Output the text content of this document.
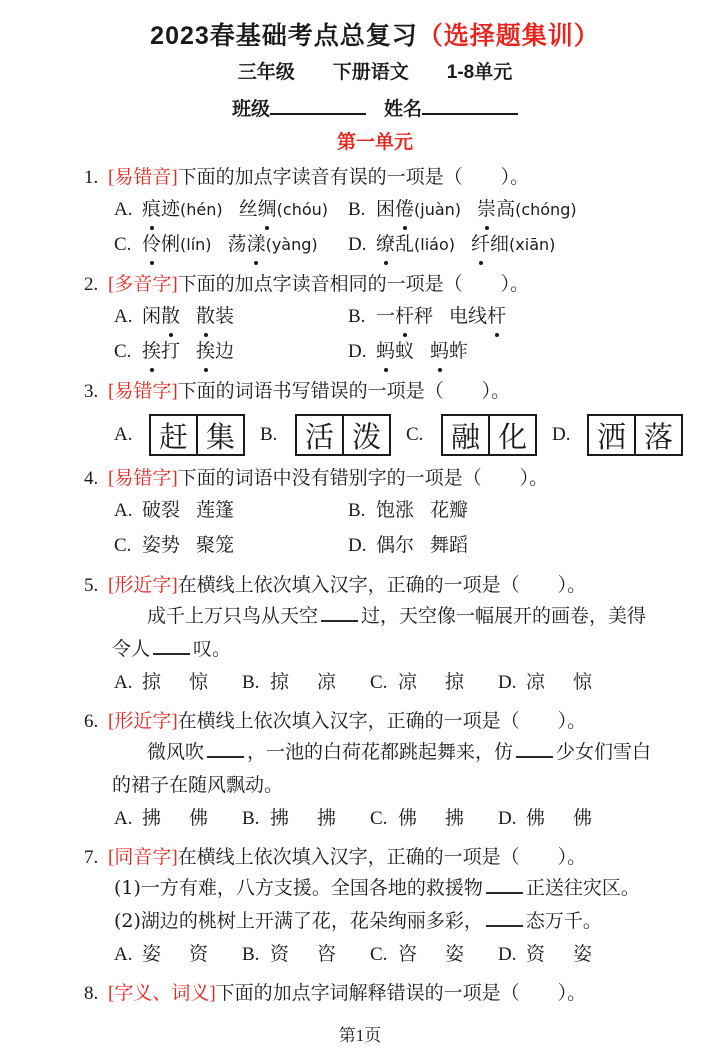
2023春基础考点总复习（选择题集训）
三年级 下册语文 1-8单元
班级	姓名
第一单元
1. [易错音]下面的加点字读音有误的一项是（　　）。
A. 痕迹(hén) 丝绸(chóu)	B. 困倦(juàn) 崇高(chóng)
C. 伶俐(lín) 荡漾(yàng)	D. 缭乱(liáo) 纤细(xiān)
2. [多音字]下面的加点字读音相同的一项是（　　）。
A. 闲散 散装	B. 一杆秤 电线杆
C. 挨打 挨边	D. 蚂蚁 蚂蚱
3. [易错字]下面的词语书写错误的一项是（　　）。
A. 赶 集	B. 活 泼	C. 融 化	D. 洒 落
4. [易错字]下面的词语中没有错别字的一项是（　　）。
A. 破裂 莲篷	B. 饱涨 花瓣
C. 姿势 聚笼	D. 偶尔 舞蹈
5. [形近字]在横线上依次填入汉字，正确的一项是（　　）。
成千上万只鸟从天空 过，天空像一幅展开的画卷，美得
令人 叹。
A. 掠 惊	B. 掠 凉	C. 凉 掠	D. 凉 惊
6. [形近字]在横线上依次填入汉字，正确的一项是（　　）。
微风吹 ，一池的白荷花都跳起舞来，仿 少女们雪白
的裙子在随风飘动。
A. 拂 佛	B. 拂 拂	C. 佛 拂	D. 佛 佛
7. [同音字]在横线上依次填入汉字，正确的一项是（　　）。
(1)一方有难，八方支援。全国各地的救援物 正送往灾区。
(2)湖边的桃树上开满了花，花朵绚丽多彩， 态万千。
A. 姿 资	B. 资 咨	C. 咨 姿	D. 资 姿
8. [字义、词义]下面的加点字词解释错误的一项是（　　）。
第1页
